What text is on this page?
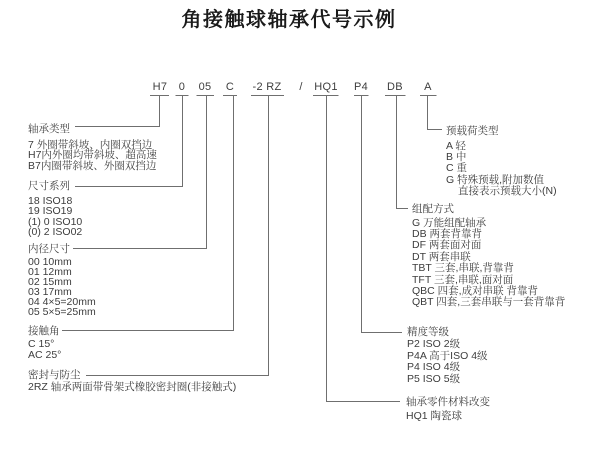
角接触球轴承代号示例
H7 0 05 C -2 RZ / HQ1 P4 DB A
轴承类型
7 外圈带斜坡、内圈双挡边
H7内外圈均带斜坡、超高速
B7内圈带斜坡、外圈双挡边
尺寸系列
18 ISO18
19 ISO19
(1) 0 ISO10
(0) 2 ISO02
内径尺寸
00 10mm
01 12mm
02 15mm
03 17mm
04 4×5=20mm
05 5×5=25mm
接触角
C 15°
AC 25°
密封与防尘
2RZ 轴承两面带骨架式橡胶密封圈(非接触式)
预载荷类型
A 轻
B 中
C 重
G 特殊预载,附加数值
直接表示预载大小(N)
组配方式
G 万能组配轴承
DB 两套背靠背
DF 两套面对面
DT 两套串联
TBT 三套,串联,背靠背
TFT 三套,串联,面对面
QBC 四套,成对串联 背靠背
QBT 四套,三套串联与一套背靠背
精度等级
P2 ISO 2级
P4A 高于ISO 4级
P4 ISO 4级
P5 ISO 5级
轴承零件材料改变
HQ1 陶瓷球
